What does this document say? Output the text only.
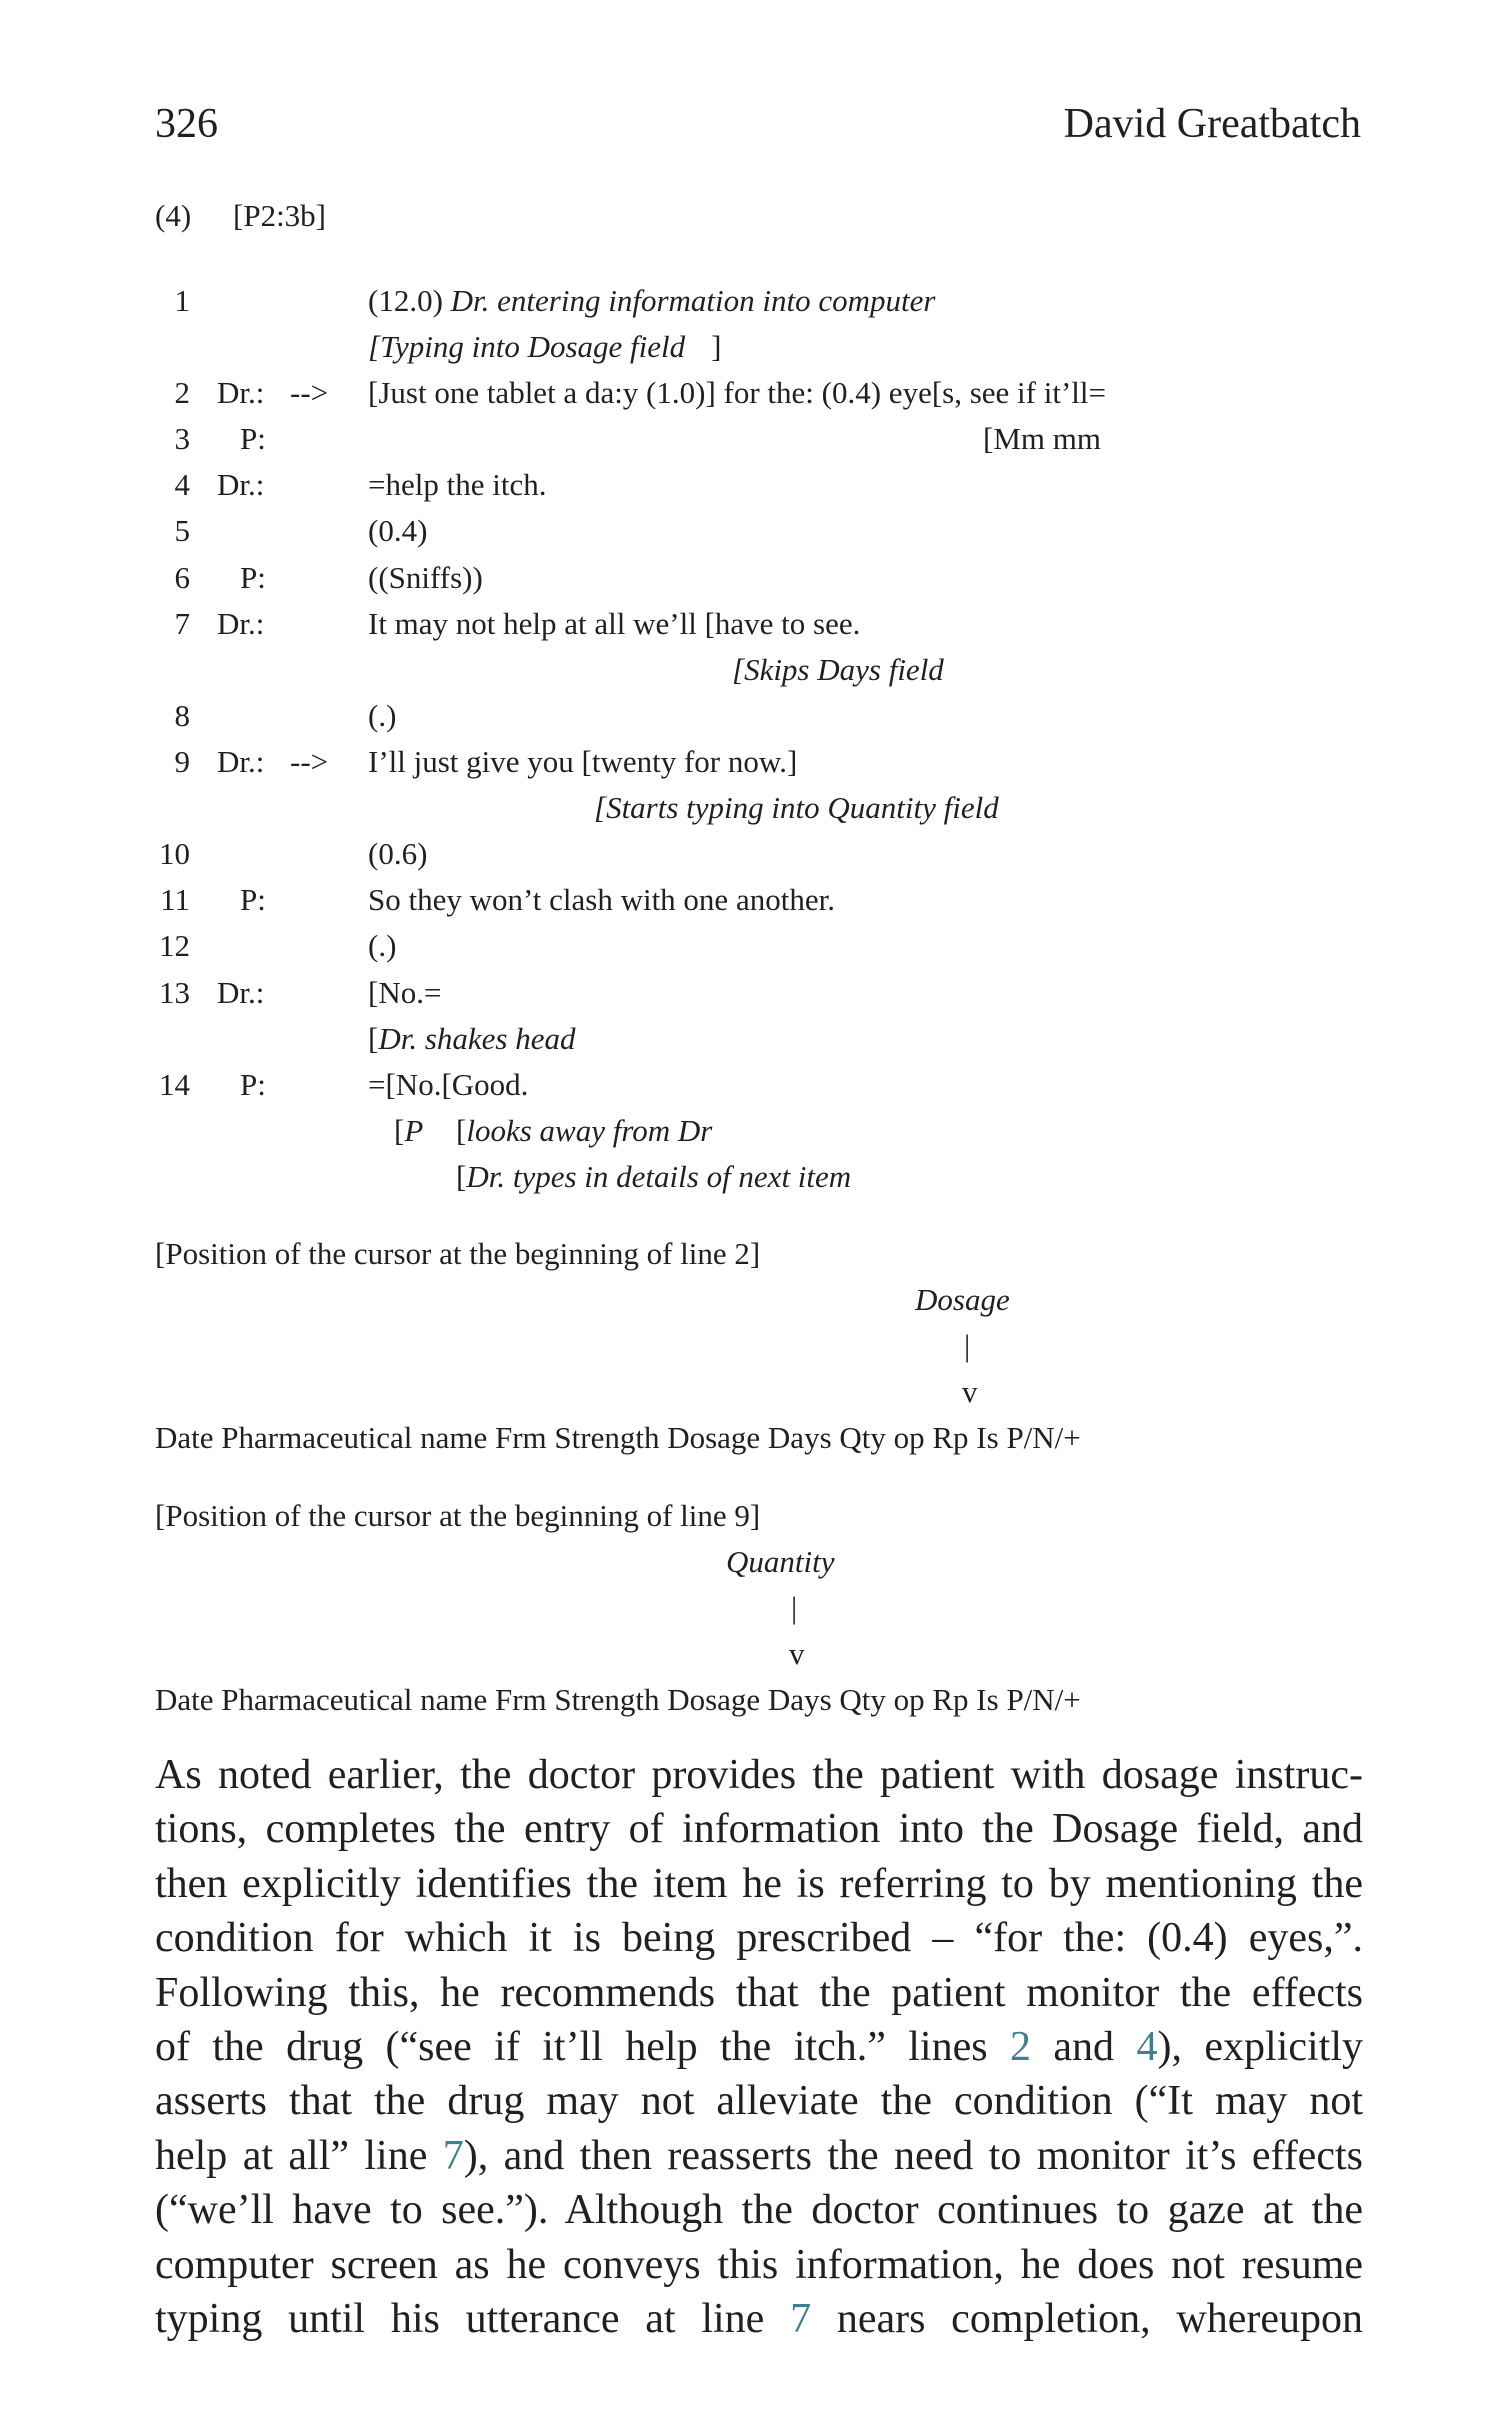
326	David Greatbatch
(4) [P2:3b]
1	(12.0) Dr. entering information into computer
[Typing into Dosage field ]
2 Dr.: --> [Just one tablet a da:y (1.0)] for the: (0.4) eye[s, see if it’ll=
3 P:	[Mm mm
4 Dr.:	=help the itch.
5	(0.4)
6 P:	((Sniffs))
7 Dr.:	It may not help at all we’ll [have to see.
[Skips Days field
8	(.)
9 Dr.: --> I’ll just give you [twenty for now.]
[Starts typing into Quantity field
10	(0.6)
11 P:	So they won’t clash with one another.
12	(.)
13 Dr.:	[No.=
[Dr. shakes head
14 P:	=[No.[Good.
[P [looks away from Dr
[Dr. types in details of next item
[Position of the cursor at the beginning of line 2]
Dosage
|
v
Date Pharmaceutical name Frm Strength Dosage Days Qty op Rp Is P/N/+
[Position of the cursor at the beginning of line 9]
Quantity
|
v
Date Pharmaceutical name Frm Strength Dosage Days Qty op Rp Is P/N/+
As noted earlier, the doctor provides the patient with dosage instruc-
tions, completes the entry of information into the Dosage field, and
then explicitly identifies the item he is referring to by mentioning the
condition for which it is being prescribed – “for the: (0.4) eyes,”.
Following this, he recommends that the patient monitor the effects
of the drug (“see if it’ll help the itch.” lines 2 and 4), explicitly
asserts that the drug may not alleviate the condition (“It may not
help at all” line 7), and then reasserts the need to monitor it’s effects
(“we’ll have to see.”). Although the doctor continues to gaze at the
computer screen as he conveys this information, he does not resume
typing until his utterance at line 7 nears completion, whereupon
